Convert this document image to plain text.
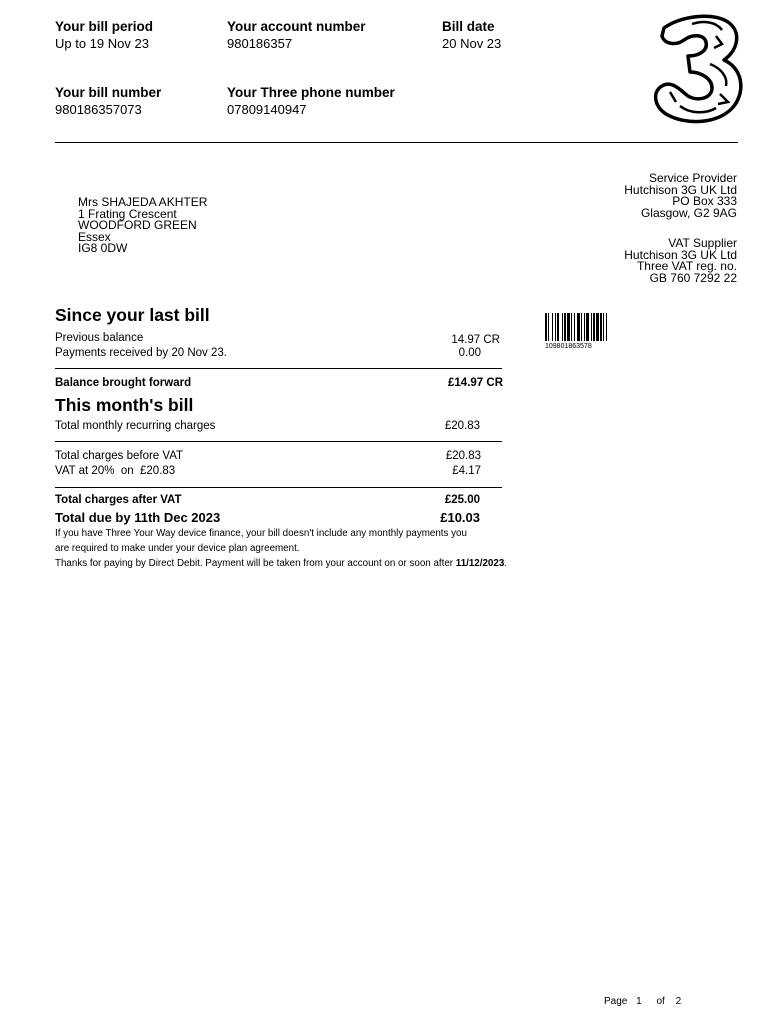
Your bill period
Up to 19 Nov 23
Your account number
980186357
Bill date
20 Nov 23
Your bill number
980186357073
Your Three phone number
07809140947
Mrs SHAJEDA AKHTER
1 Frating Crescent
WOODFORD GREEN
Essex
IG8 0DW
Service Provider
Hutchison 3G UK Ltd
PO Box 333
Glasgow, G2 9AG
VAT Supplier
Hutchison 3G UK Ltd
Three VAT reg. no.
GB 760 7292 22
109801863578
Since your last bill
Previous balance	14.97 CR
Payments received by 20 Nov 23.	0.00
Balance brought forward	£14.97 CR
This month's bill
Total monthly recurring charges	£20.83
Total charges before VAT	£20.83
VAT at 20%  on  £20.83	£4.17
Total charges after VAT	£25.00
Total due by 11th Dec 2023	£10.03
If you have Three Your Way device finance, your bill doesn't include any monthly payments you
are required to make under your device plan agreement.
Thanks for paying by Direct Debit. Payment will be taken from your account on or soon after 11/12/2023.
Page 1 of 2
